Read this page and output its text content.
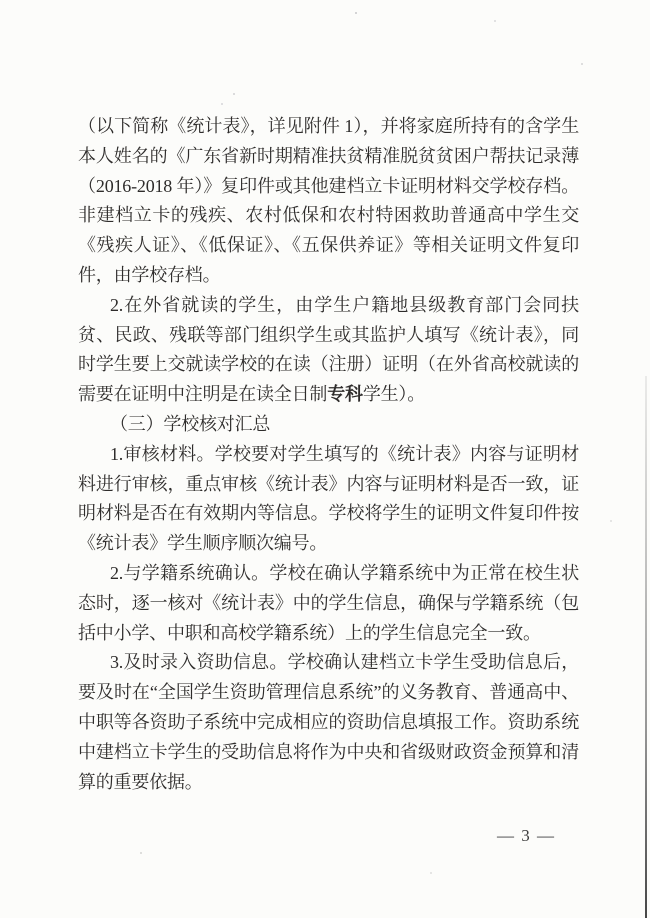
（以下简称《统计表》，详见附件 1），并将家庭所持有的含学生本人姓名的《广东省新时期精准扶贫精准脱贫贫困户帮扶记录薄（2016-2018 年）》复印件或其他建档立卡证明材料交学校存档。非建档立卡的残疾、农村低保和农村特困救助普通高中学生交《残疾人证》、《低保证》、《五保供养证》等相关证明文件复印件，由学校存档。

2.在外省就读的学生，由学生户籍地县级教育部门会同扶贫、民政、残联等部门组织学生或其监护人填写《统计表》，同时学生要上交就读学校的在读（注册）证明（在外省高校就读的需要在证明中注明是在读全日制专科学生）。

（三）学校核对汇总

1.审核材料。学校要对学生填写的《统计表》内容与证明材料进行审核，重点审核《统计表》内容与证明材料是否一致，证明材料是否在有效期内等信息。学校将学生的证明文件复印件按《统计表》学生顺序顺次编号。

2.与学籍系统确认。学校在确认学籍系统中为正常在校生状态时，逐一核对《统计表》中的学生信息，确保与学籍系统（包括中小学、中职和高校学籍系统）上的学生信息完全一致。

3.及时录入资助信息。学校确认建档立卡学生受助信息后，要及时在“全国学生资助管理信息系统”的义务教育、普通高中、中职等各资助子系统中完成相应的资助信息填报工作。资助系统中建档立卡学生的受助信息将作为中央和省级财政资金预算和清算的重要依据。

— 3 —
